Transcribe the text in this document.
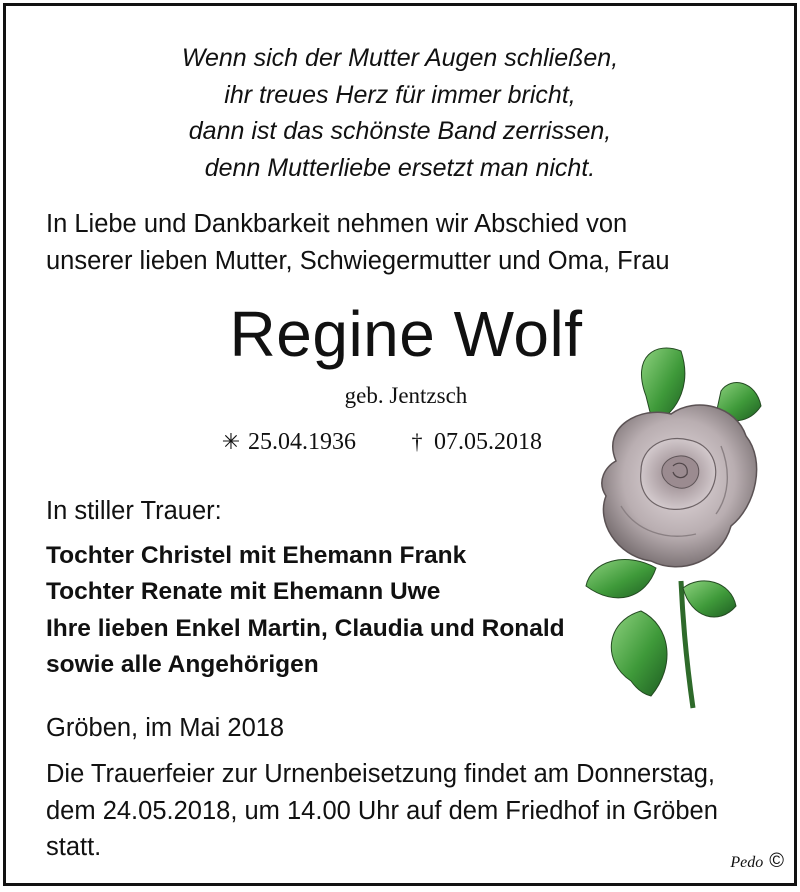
Wenn sich der Mutter Augen schließen,
ihr treues Herz für immer bricht,
dann ist das schönste Band zerrissen,
denn Mutterliebe ersetzt man nicht.
In Liebe und Dankbarkeit nehmen wir Abschied von
unserer lieben Mutter, Schwiegermutter und Oma, Frau
Regine Wolf
geb. Jentzsch
✳ 25.04.1936	† 07.05.2018
In stiller Trauer:
Tochter Christel mit Ehemann Frank
Tochter Renate mit Ehemann Uwe
Ihre lieben Enkel Martin, Claudia und Ronald
sowie alle Angehörigen
Gröben, im Mai 2018
Die Trauerfeier zur Urnenbeisetzung findet am Donnerstag,
dem 24.05.2018, um 14.00 Uhr auf dem Friedhof in Gröben
statt.
Pedo ©
